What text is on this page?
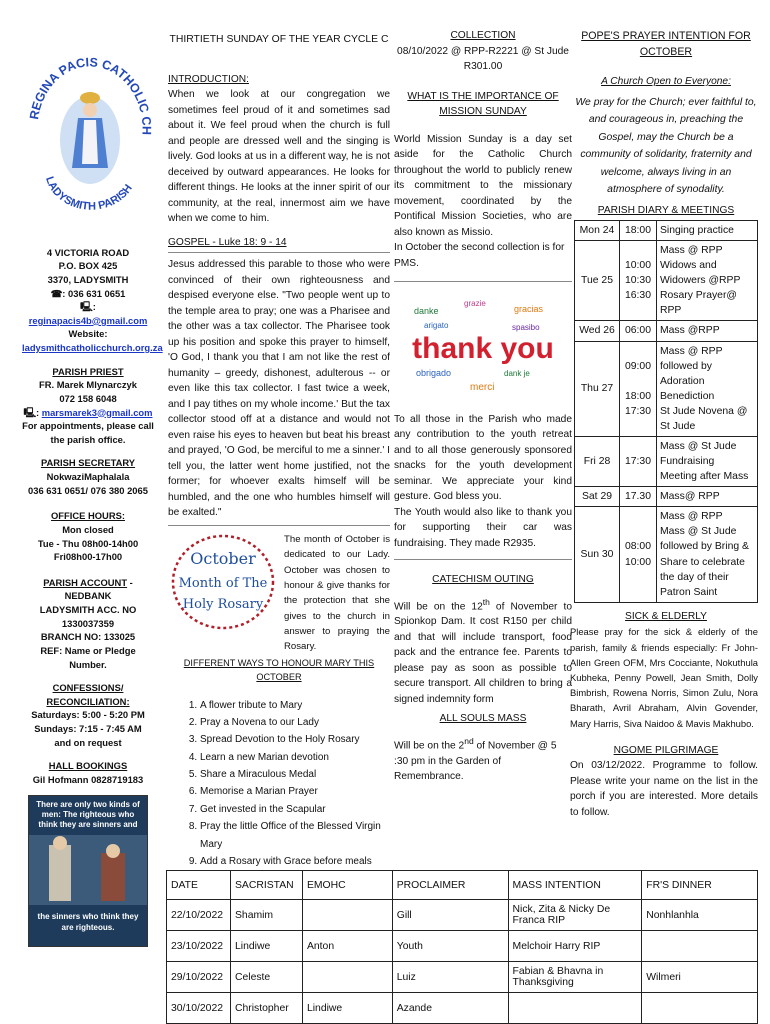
REGINA PACIS CATHOLIC
LADYSMITH PARISH
4 VICTORIA ROAD
P.O. BOX 425
3370, LADYSMITH
☎: 036 631 0651
🖳: reginapacis4b@gmail.com
Website:
ladysmithcatholicchurch.org.za
PARISH PRIEST
FR. Marek Mlynarczyk
072 158 6048
🖳: marsmarek3@gmail.com
For appointments, please call the parish office.
PARISH SECRETARY
NokwaziMaphalala
036 631 0651/ 076 380 2065
OFFICE HOURS:
Mon closed
Tue - Thu 08h00-14h00
Fri08h00-17h00
PARISH ACCOUNT - NEDBANK
LADYSMITH ACC. NO 1330037359
BRANCH NO: 133025
REF: Name or Pledge Number.
CONFESSIONS/ RECONCILIATION:
Saturdays: 5:00 - 5:20 PM
Sundays: 7:15 - 7:45 AM
and on request
HALL BOOKINGS
Gil Hofmann 0828719183
There are only two kinds of men: The righteous who think they are sinners and
the sinners who think they are righteous.
THIRTIETH SUNDAY OF THE YEAR CYCLE C
INTRODUCTION:

When we look at our congregation we sometimes feel proud of it and sometimes sad about it. We feel proud when the church is full and people are dressed well and the singing is lively. God looks at us in a different way, he is not deceived by outward appearances. He looks for different things. He looks at the inner spirit of our community, at the real, innermost aim we have when we come to him.

GOSPEL - Luke 18: 9 - 14

Jesus addressed this parable to those who were convinced of their own righteousness and despised everyone else. "Two people went up to the temple area to pray; one was a Pharisee and the other was a tax collector. The Pharisee took up his position and spoke this prayer to himself, 'O God, I thank you that I am not like the rest of humanity – greedy, dishonest, adulterous -- or even like this tax collector. I fast twice a week, and I pay tithes on my whole income.' But the tax collector stood off at a distance and would not even raise his eyes to heaven but beat his breast and prayed, 'O God, be merciful to me a sinner.' I tell you, the latter went home justified, not the former; for whoever exalts himself will be humbled, and the one who humbles himself will be exalted."

October
Month of The
Holy Rosary

The month of October is dedicated to our Lady. October was chosen to honour & give thanks for the protection that she gives to the church in answer to praying the Rosary.

DIFFERENT WAYS TO HONOUR MARY THIS OCTOBER
1. A flower tribute to Mary
2. Pray a Novena to our Lady
3. Spread Devotion to the Holy Rosary
4. Learn a new Marian devotion
5. Share a Miraculous Medal
6. Memorise a Marian Prayer
7. Get invested in the Scapular
8. Pray the little Office of the Blessed Virgin Mary
9. Add a Rosary with Grace before meals
COLLECTION
08/10/2022 @ RPP-R2221 @ St Jude R301.00
WHAT IS THE IMPORTANCE OF MISSION SUNDAY

World Mission Sunday is a day set aside for the Catholic Church throughout the world to publicly renew its commitment to the missionary movement, coordinated by the Pontifical Mission Societies, who are also known as Missio.

In October the second collection is for PMS.

danke
grazie
gracias
arigato	spasibo
thank you
obrigado	dank je
merci

To all those in the Parish who made any contribution to the youth retreat and to all those generously sponsored snacks for the youth development seminar. We appreciate your kind gesture. God bless you.

The Youth would also like to thank you for supporting their car was fundraising. They made R2935.

CATECHISM OUTING

Will be on the 12th of November to Spionkop Dam. It cost R150 per child and that will include transport, food pack and the entrance fee. Parents to please pay as soon as possible to secure transport. All children to bring a signed indemnity form

ALL SOULS MASS

Will be on the 2nd of November @ 5 :30 pm in the Garden of Remembrance.

POPE'S PRAYER INTENTION FOR OCTOBER
A Church Open to Everyone:

We pray for the Church; ever faithful to, and courageous in, preaching the Gospel, may the Church be a community of solidarity, fraternity and welcome, always living in an atmosphere of synodality.

PARISH DIARY & MEETINGS
Mon 24	18:00	Singing practice
Tue 25	10:00
10:30
16:30	Mass @ RPP
Widows and Widowers @RPP
Rosary Prayer@ RPP
Wed 26	06:00	Mass @RPP
Thu 27	09:00

18:00
17:30	Mass @ RPP followed by Adoration
Benediction
St Jude Novena @ St Jude
Fri 28	17:30	Mass @ St Jude
Fundraising Meeting after Mass
Sat 29	17.30	Mass@ RPP
Sun 30	08:00
10:00	Mass @ RPP
Mass @ St Jude followed by Bring & Share to celebrate the day of their Patron Saint
SICK & ELDERLY

Please pray for the sick & elderly of the parish, family & friends especially: Fr John-Allen Green OFM, Mrs Cocciante, Nokuthula Kubheka, Penny Powell, Jean Smith, Dolly Bimbrish, Rowena Norris, Simon Zulu, Nora Bharath, Avril Abraham, Alvin Govender, Mary Harris, Siva Naidoo & Mavis Makhubo.

NGOME PILGRIMAGE

On 03/12/2022. Programme to follow. Please write your name on the list in the porch if you are interested. More details to follow.

DATE	SACRISTAN	EMOHC	PROCLAIMER	MASS INTENTION	FR'S DINNER
22/10/2022	Shamim		Gill	Nick, Zita & Nicky De Franca RIP	Nonhlanhla
23/10/2022	Lindiwe	Anton	Youth	Melchoir Harry RIP	
29/10/2022	Celeste		Luiz	Fabian & Bhavna in Thanksgiving	Wilmeri
30/10/2022	Christopher	Lindiwe	Azande		
